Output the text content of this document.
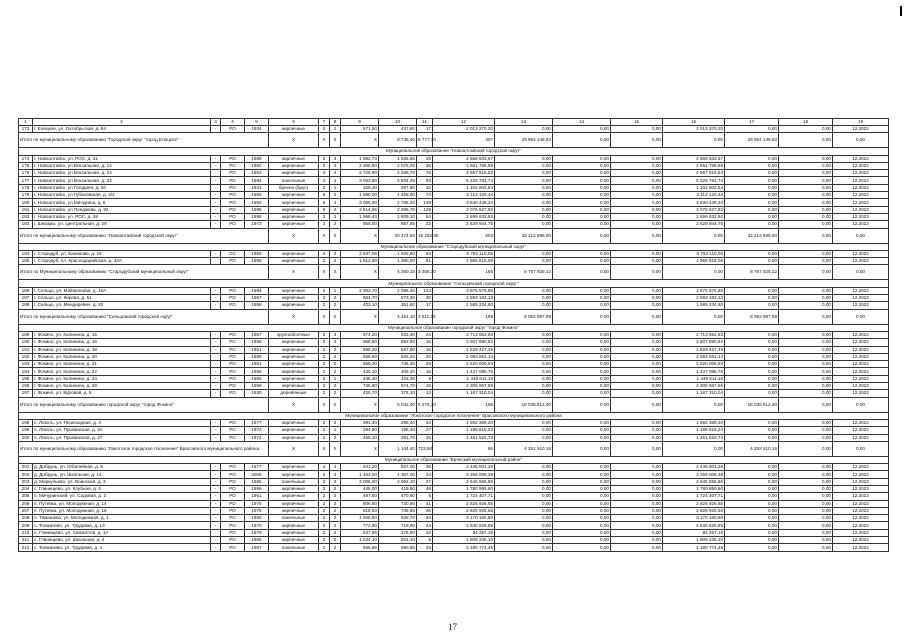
1	2	3	4	5	6	7	8	9	10	11	12	13	14	15	16	17	18	19
173	г. Елецкое, ул. Октябрьская, д. 84	-	РО	1934	кирпичные	2	2	571,50	437,60	17	2 012 370,20	0,00	0,00	0,00	2 012 370,20	0,00	0,00	12.2022
Итого по муниципальному образованию "Городской округ "город Елецкое"					X	X	X	X	9 739,40	8 777,70	407	29 954 148,63	0,00	0,00	0,00	29 954 148,63	0,00	0,00
Муниципальное образование "Новоалтайский городской округ"																		
174	г. Новоалтайск, ул. РОС, д. 31	-	РО	1989	кирпичные	3	3	1 982,73	1 835,66	28	4 566 633,67	0,00	0,00	0,00	4 566 633,67	0,00	0,00	12.2022
175	г. Новоалтайск, ул Вокзальная, д. 12	-	РО	1962	кирпичные	3	3	2 306,80	2 075,05	36	2 661 788,65	0,00	0,00	0,00	2 661 788,65	0,00	0,00	12.2022
176	г. Новоалтайск, ул Вокзальная, д. 24	-	РО	1953	кирпичные	4	4	2 726,90	2 298,70	75	4 567 516,53	0,00	0,00	0,00	4 567 516,53	0,00	0,00	12.2022
177	г. Новоалтайск, ул Вокзальная, д. 32	-	РО	1994	панельные	4	4	3 063,90	2 834,49	93	5 225 781,74	0,00	0,00	0,00	5 225 781,74	0,00	0,00	12.2022
178	г. Новоалтайск, ул Гогодина, д. 20	-	РО	1931	брevно (брус)	2	1	329,40	297,90	32	1 102 902,64	0,00	0,00	0,00	1 102 902,64	0,00	0,00	12.2022
179	г. Новоалтайск, ул Губановская, д. 4/2	-	РО	1966	кирпичные	5	2	1 590,00	1 459,00	74	2 112 120,44	0,00	0,00	0,00	2 112 120,44	0,00	0,00	12.2022
180	г. Новоалтайск, ул Мичурина, д. 6	-	РО	1992	кирпичные	5	4	3 066,00	2 765,20	139	3 630 449,34	0,00	0,00	0,00	3 630 449,34	0,00	0,00	12.2022
181	г. Новоалтайск, ул Пенджева, д. 92	-	РО	1996	кирпичные	5	4	2 614,66	2 296,70	129	3 076 527,92	0,00	0,00	0,00	3 076 527,92	0,00	0,00	12.2022
182	г. Новоалтайск, ул. РОС, д. 28	-	РО	1986	кирпичные	3	3	1 968,43	1 809,10	54	2 699 632,92	0,00	0,00	0,00	2 699 632,92	0,00	0,00	12.2022
183	г. Шерары, ул. Центральная, д. 29	-	РО	1973	кирпичные	2	2	955,00	957,65	23	2 629 944,75	0,00	0,00	0,00	2 629 944,75	0,00	0,00	12.2022
Итого по муниципальному образованию "Новоалтайский городской округ"					X	X	X	X	20 474,60	18 262,30	603	33 212 698,00	0,00	0,00	0,00	33 212 698,00	0,00	0,00
Муниципальное образование "Стародубский муниципальный округ"																		
184	г. Стародуб, ул. Бахинова, д. 19	-	ОС	1966	кирпичные	4	3	2 637,06	1 925,60	84	6 792 110,05	0,00	0,00	0,00	6 792 110,05	0,00	0,00	12.2022
185	г. Стародуб, пл. Краснодарийская, д. 32А	-	РО	1995	кирпичные	2	2	1 612,60	1 390,00	61	1 965 815,06	0,00	0,00	0,00	1 965 815,06	0,00	0,00	12.2022
Итого по Муниципальному образованию "Стародубский муниципальный округ"					X	X	X	X	4 260,10	3 358,10	165	8 757 925,12	0,00	0,00	0,00	8 757 925,12	0,00	0,00
Муниципальное образование "Сельцовский городской округ"																		
186	г. Сельцо, ул. Майпронова, д. 15А	-	РО	1994	кирпичные	3	1	2 353,70	2 086,40	122	3 875 575,85	0,00	0,00	0,00	3 875 575,85	0,00	0,00	12.2022
187	г. Сельцо, ул. Кирова, д. 51	-	РО	1957	кирпичные	2	2	664,70	573,30	30	2 593 183,13	0,00	0,00	0,00	2 593 183,13	0,00	0,00	12.2022
188	г. Сельцо, ул. Мендиревич, д. 20	-	РО	1958	кирпичные	2	2	403,10	351,60	17	1 589 234,60	0,00	0,00	0,00	1 589 234,60	0,00	0,00	12.2022
Итого по муниципальному образованию "Сельцовский городской округ"					X	X	X	X	4 451,10	3 511,30	169	8 062 997,69	0,00	0,00	0,00	8 062 997,69	0,00	0,00
Муниципальное образование городской округ "город Фокино"																		
189	г. Фокино, ул. Калинина, д. 15	-	РО	1957	крупноблочные	3	3	974,20	833,40	24	2 713 652,83	0,00	0,00	0,00	2 713 652,83	0,00	0,00	12.2022
190	г. Фокино, ул. Калинина, д. 16	-	РО	1958	кирпичные	3	3	968,80	883,50	15	2 507 890,62	0,00	0,00	0,00	2 507 890,62	0,00	0,00	12.2022
191	г. Фокино, ул. Калинина, д. 18	-	РО	1951	кирпичные	2	2	598,20	537,50	15	1 829 427,45	0,00	0,00	0,00	1 829 427,45	0,00	0,00	12.2022
192	г. Фокино, ул. Калинина, д. 20	-	РО	1958	кирпичные	2	2	658,50	626,20	20	2 083 651,14	0,00	0,00	0,00	2 083 651,14	0,00	0,00	12.2022
193	г. Фокино, ул. Калинина, д. 21	-	РО	1951	кирпичные	2	2	856,30	736,30	29	2 520 006,93	0,00	0,00	0,00	2 520 006,93	0,00	0,00	12.2022
194	г. Фокино, ул. Калинина, д. 22	-	РО	1956	кирпичные	2	2	430,10	409,20	15	1 437 085,76	0,00	0,00	0,00	1 437 085,76	0,00	0,00	12.2022
195	г. Фокино, ул. Калинина, д. 24	-	РО	1955	кирпичные	2	1	448,40	423,30	8	1 449 611,16	0,00	0,00	0,00	1 449 611,16	0,00	0,00	12.2022
196	г. Фокино, ул. Калинина, д. 28	-	РО	1958	кирпичные	2	2	745,80	674,70	15	2 305 967,56	0,00	0,00	0,00	2 305 967,56	0,00	0,00	12.2022
197	г. Фокино, ул. Буровой, д. 5	-	РО	1930	деревянные	2	2	420,70	376,10	13	1 187 310,04	0,00	0,00	0,00	1 187 310,04	0,00	0,00	12.2022
Итого по муниципальному образованию городской округ "город Фокино"					X	X	X	X	6 042,40	5 275,10	165	18 035 812,40	0,00	0,00	0,00	18 035 812,40	0,00	0,00
Муниципальное образование "Локотское городское поселение" Брасовского муниципального района																		
198	п. Локоть, ул. Пешеходная, д. 4	-	РО	1977	кирпичные	2	2	391,40	295,40	44	1 592 369,20	0,00	0,00	0,00	1 592 369,20	0,00	0,00	12.2022
199	п. Локоть, ул. Пушкинская, д. 4А	-	РО	1972	кирпичные	2	1	294,90	195,40	27	1 198 618,23	0,00	0,00	0,00	1 198 618,23	0,00	0,00	12.2022
200	п. Локоть, ул. Пушкинская, д. 27	-	РО	1974	кирпичные	2	2	458,10	291,70	25	1 461 522,73	0,00	0,00	0,00	1 461 522,73	0,00	0,00	12.2022
Итого по муниципальному образованию "Локотское городское поселение" Брасовского муниципального района					X	X	X	X	1 144,40	723,50	96	4 252 510,16	0,00	0,00	0,00	4 252 510,16	0,00	0,00
Муниципальное образование "Брянский муниципальный район"																		
201	д. Добрунь, ул. Юбилейная, д. 5	-	РО	1977	кирпичные	4	4	941,20	847,00	35	2 435 601,28	0,00	0,00	0,00	2 435 601,28	0,00	0,00	12.2022
202	д. Добрунь, ул. Школьная, д. 14	-	РО	2006	кирпичные	3	3	1 463,00	1 367,00	34	3 256 008,38	0,00	0,00	0,00	3 256 008,38	0,00	0,00	12.2022
203	д. Меркульево, ул. Воинская, д. 3	-	РО	1955	панельные	3	3	3 006,00	2 992,10	27	2 645 556,86	0,00	0,00	0,00	2 645 556,86	0,00	0,00	12.2022
204	с. Глинищево, ул. Клубная, д. 6	-	РО	1956	кирпичные	2	2	445,00	415,50	48	1 780 955,80	0,00	0,00	0,00	1 780 955,80	0,00	0,00	12.2022
205	п. Мичуринский, ул. Садовая, д. 2	-	РО	1961	кирпичные	2	2	497,50	470,90	5	1 724 407,71	0,00	0,00	0,00	1 724 407,71	0,00	0,00	12.2022
206	п. Путевка, ул. Молодежная, д. 14	-	РО	1976	кирпичные	2	2	806,80	730,80	41	2 826 926,65	0,00	0,00	0,00	2 826 926,65	0,00	0,00	12.2022
207	п. Путевка, ул. Молодежная, д. 16	-	РО	1975	кирпичные	2	2	818,53	738,85	36	2 826 926,65	0,00	0,00	0,00	2 826 926,65	0,00	0,00	12.2022
208	п. Темашево, ул. Молодежная, д. 1	-	РО	1980	панельные	2	2	1 006,80	928,70	34	3 170 160,90	0,00	0,00	0,00	3 170 160,90	0,00	0,00	12.2022
209	с. Толмачево, ул. Трудовая, д. 13	-	РО	1970	кирпичные	2	2	772,80	719,90	44	2 636 826,85	0,00	0,00	0,00	2 636 826,85	0,00	0,00	12.2022
210	п. Глинищево, ул. Связистов, д. 1А	-	РО	1979	кирпичные	2	2	537,86	375,90	22	84 257,16	0,00	0,00	0,00	84 257,16	0,00	0,00	12.2022
211	с. Глинищево, ул. Школьная, д. 4	-	РО	1965	кирпичные	2	2	1 034,10	931,10	5	1 809 235,10	0,00	0,00	0,00	1 809 235,10	0,00	0,00	12.2022
212	с. Толмачево, ул. Трудовая, д. 4	-	РО	1967	панельные	2	2	666,86	590,80	29	2 180 774,45	0,00	0,00	0,00	2 180 774,45	0,00	0,00	12.2022
17
